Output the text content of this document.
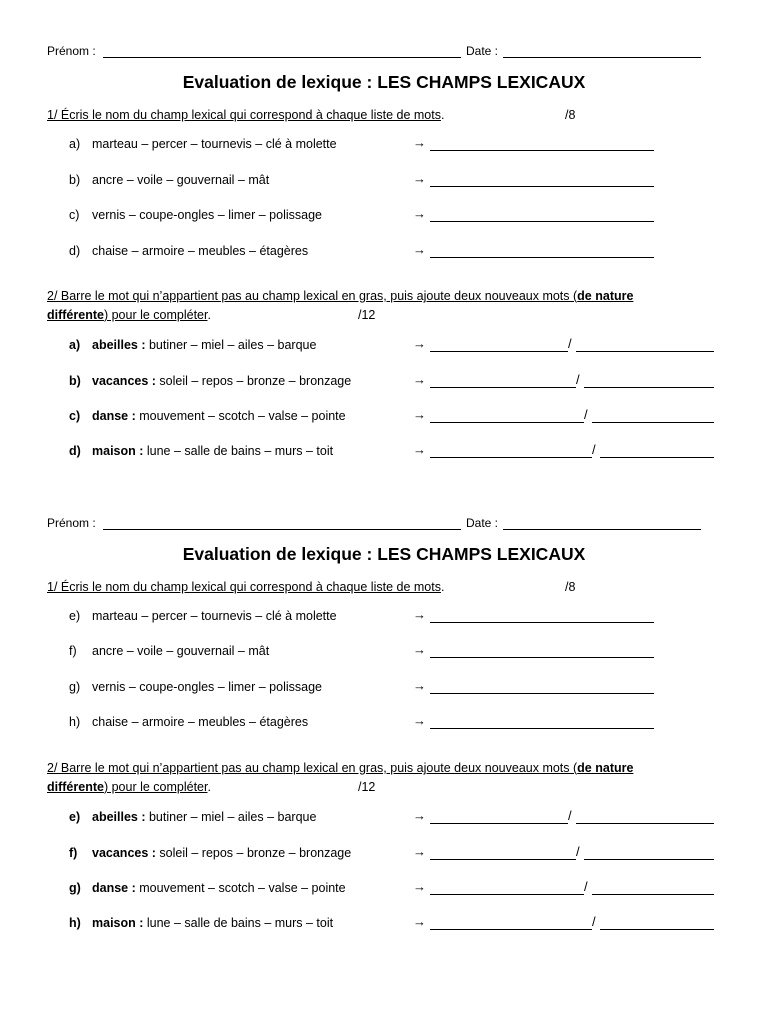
Prénom :	Date :
Evaluation de lexique : LES CHAMPS LEXICAUX
1/ Écris le nom du champ lexical qui correspond à chaque liste de mots.	/8
a) marteau – percer – tournevis – clé à molette	→
b) ancre – voile – gouvernail – mât	→
c) vernis – coupe-ongles – limer – polissage	→
d) chaise – armoire – meubles – étagères	→
2/ Barre le mot qui n’appartient pas au champ lexical en gras, puis ajoute deux nouveaux mots (de nature
différente) pour le compléter.	/12
a) abeilles : butiner – miel – ailes – barque	→	/
b) vacances : soleil – repos – bronze – bronzage	→	/
c) danse : mouvement – scotch – valse – pointe	→	/
d) maison : lune – salle de bains – murs – toit	→	/
Prénom :	Date :
Evaluation de lexique : LES CHAMPS LEXICAUX
1/ Écris le nom du champ lexical qui correspond à chaque liste de mots.	/8
e) marteau – percer – tournevis – clé à molette	→
f) ancre – voile – gouvernail – mât	→
g) vernis – coupe-ongles – limer – polissage	→
h) chaise – armoire – meubles – étagères	→
2/ Barre le mot qui n’appartient pas au champ lexical en gras, puis ajoute deux nouveaux mots (de nature
différente) pour le compléter.	/12
e) abeilles : butiner – miel – ailes – barque	→	/
f) vacances : soleil – repos – bronze – bronzage	→	/
g) danse : mouvement – scotch – valse – pointe	→	/
h) maison : lune – salle de bains – murs – toit	→	/
